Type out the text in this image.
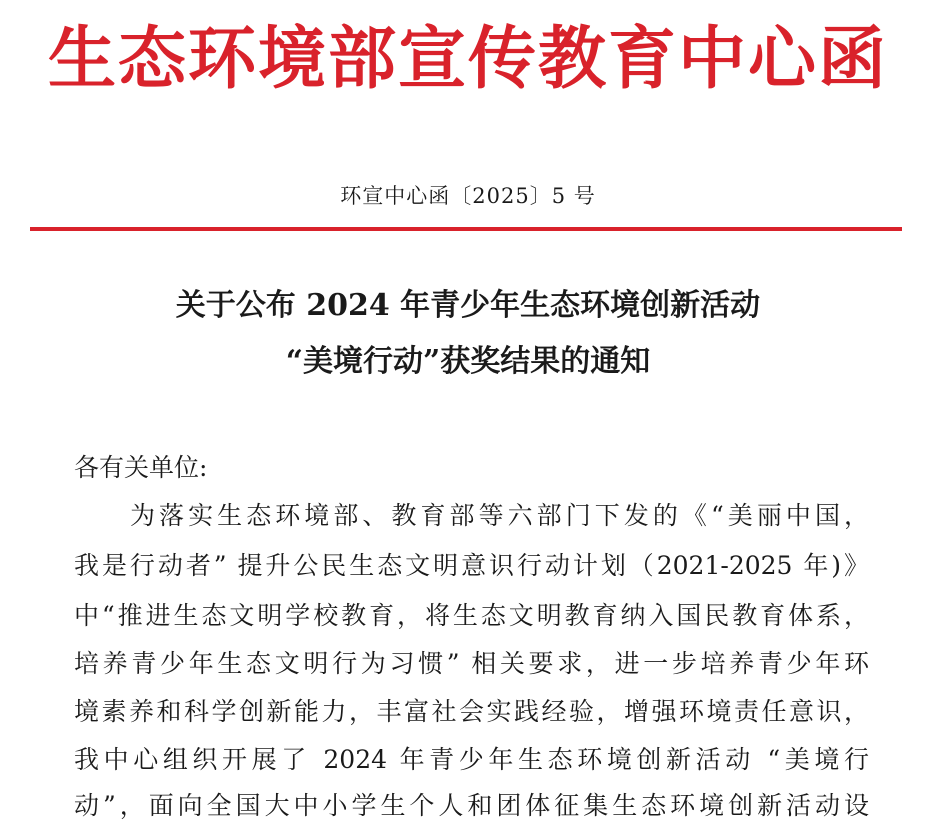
生态环境部宣传教育中心函
环宣中心函〔2025〕5 号
关于公布 2024 年青少年生态环境创新活动
“美境行动”获奖结果的通知
各有关单位:
为落实生态环境部、教育部等六部门下发的《“美丽中国，
我是行动者” 提升公民生态文明意识行动计划（2021-2025 年)》
中“推进生态文明学校教育，将生态文明教育纳入国民教育体系，
培养青少年生态文明行为习惯” 相关要求，进一步培养青少年环
境素养和科学创新能力，丰富社会实践经验，增强环境责任意识，
我中心组织开展了 2024 年青少年生态环境创新活动 “美境行
动”，面向全国大中小学生个人和团体征集生态环境创新活动设
